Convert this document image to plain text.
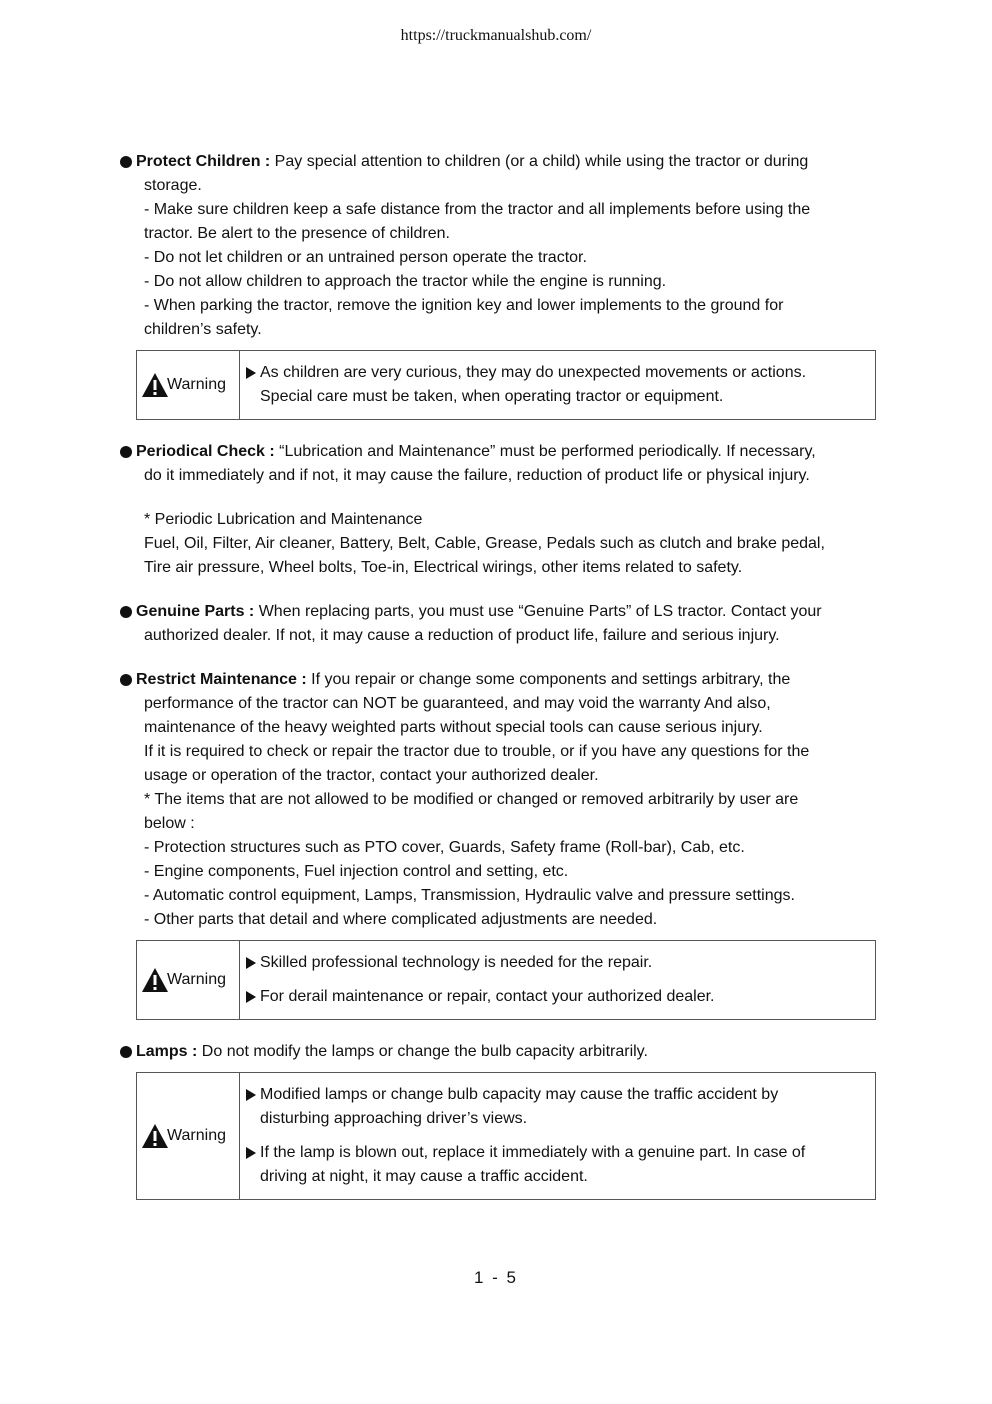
https://truckmanualshub.com/
Protect Children : Pay special attention to children (or a child) while using the tractor or during
storage.
- Make sure children keep a safe distance from the tractor and all implements before using the
tractor. Be alert to the presence of children.
- Do not let children or an untrained person operate the tractor.
- Do not allow children to approach the tractor while the engine is running.
- When parking the tractor, remove the ignition key and lower implements to the ground for
children’s safety.
Warning	
As children are very curious, they may do unexpected movements or actions.
Special care must be taken, when operating tractor or equipment.
Periodical Check : “Lubrication and Maintenance” must be performed periodically. If necessary,
do it immediately and if not, it may cause the failure, reduction of product life or physical injury.
* Periodic Lubrication and Maintenance
Fuel, Oil, Filter, Air cleaner, Battery, Belt, Cable, Grease, Pedals such as clutch and brake pedal,
Tire air pressure, Wheel bolts, Toe-in, Electrical wirings, other items related to safety.
Genuine Parts : When replacing parts, you must use “Genuine Parts” of LS tractor. Contact your
authorized dealer. If not, it may cause a reduction of product life, failure and serious injury.
Restrict Maintenance : If you repair or change some components and settings arbitrary, the
performance of the tractor can NOT be guaranteed, and may void the warranty And also,
maintenance of the heavy weighted parts without special tools can cause serious injury.
If it is required to check or repair the tractor due to trouble, or if you have any questions for the
usage or operation of the tractor, contact your authorized dealer.
* The items that are not allowed to be modified or changed or removed arbitrarily by user are
below :
- Protection structures such as PTO cover, Guards, Safety frame (Roll-bar), Cab, etc.
- Engine components, Fuel injection control and setting, etc.
- Automatic control equipment, Lamps, Transmission, Hydraulic valve and pressure settings.
- Other parts that detail and where complicated adjustments are needed.
Warning	
Skilled professional technology is needed for the repair.
For derail maintenance or repair, contact your authorized dealer.
Lamps : Do not modify the lamps or change the bulb capacity arbitrarily.
Warning	
Modified lamps or change bulb capacity may cause the traffic accident by
disturbing approaching driver’s views.
If the lamp is blown out, replace it immediately with a genuine part. In case of
driving at night, it may cause a traffic accident.
1 - 5
